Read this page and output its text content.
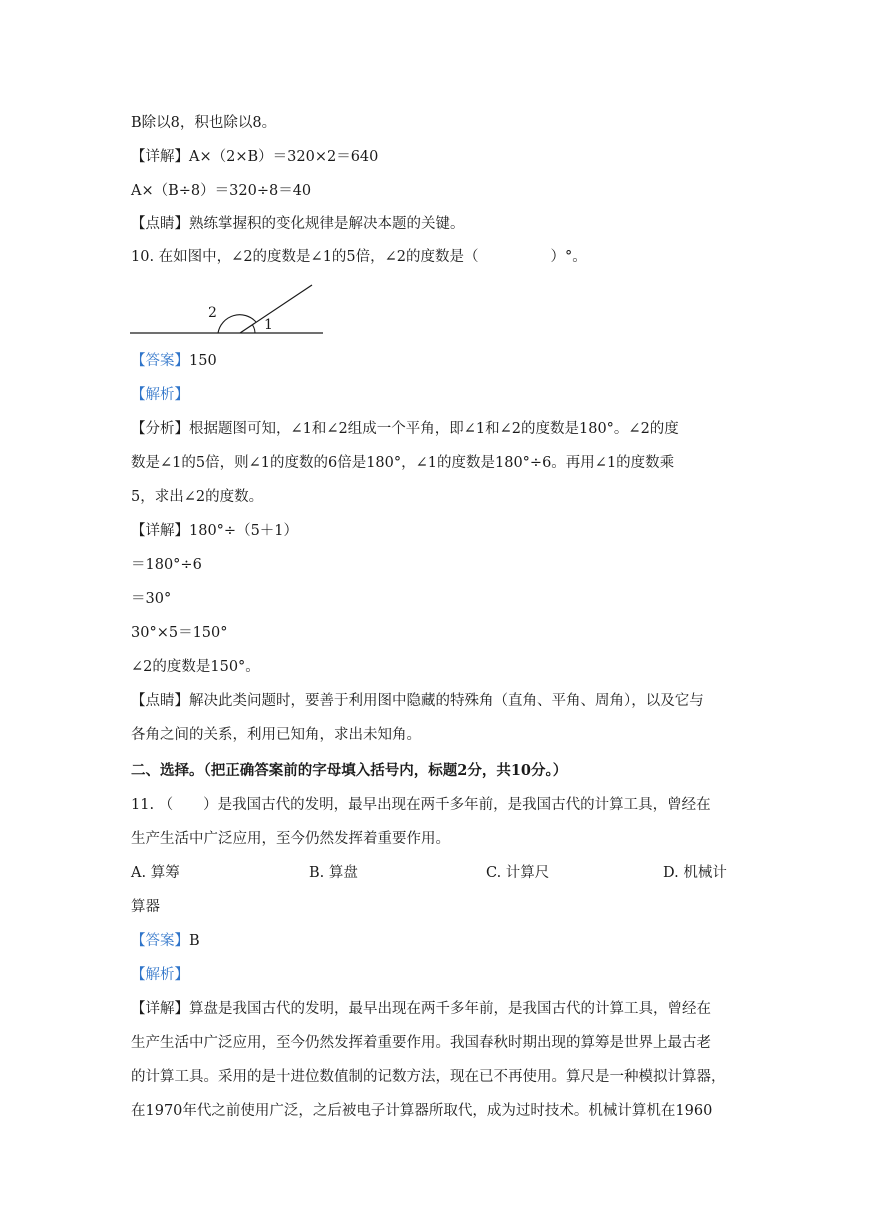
B除以8，积也除以8。
【详解】A×（2×B）＝320×2＝640
A×（B÷8）＝320÷8＝40
【点睛】熟练掌握积的变化规律是解决本题的关键。
10. 在如图中，∠2的度数是∠1的5倍，∠2的度数是（	）°。
2
1
【答案】150
【解析】
【分析】根据题图可知，∠1和∠2组成一个平角，即∠1和∠2的度数是180°。∠2的度
数是∠1的5倍，则∠1的度数的6倍是180°，∠1的度数是180°÷6。再用∠1的度数乘
5，求出∠2的度数。
【详解】180°÷（5＋1）
＝180°÷6
＝30°
30°×5＝150°
∠2的度数是150°。
【点睛】解决此类问题时，要善于利用图中隐藏的特殊角（直角、平角、周角），以及它与
各角之间的关系，利用已知角，求出未知角。
二、选择。（把正确答案前的字母填入括号内，标题2分，共10分。）
11. （ ）是我国古代的发明，最早出现在两千多年前，是我国古代的计算工具，曾经在
生产生活中广泛应用，至今仍然发挥着重要作用。
A. 算筹	B. 算盘	C. 计算尺	D. 机械计
算器
【答案】B
【解析】
【详解】算盘是我国古代的发明，最早出现在两千多年前，是我国古代的计算工具，曾经在
生产生活中广泛应用，至今仍然发挥着重要作用。我国春秋时期出现的算筹是世界上最古老
的计算工具。采用的是十进位数值制的记数方法，现在已不再使用。算尺是一种模拟计算器，
在1970年代之前使用广泛，之后被电子计算器所取代，成为过时技术。机械计算机在1960
